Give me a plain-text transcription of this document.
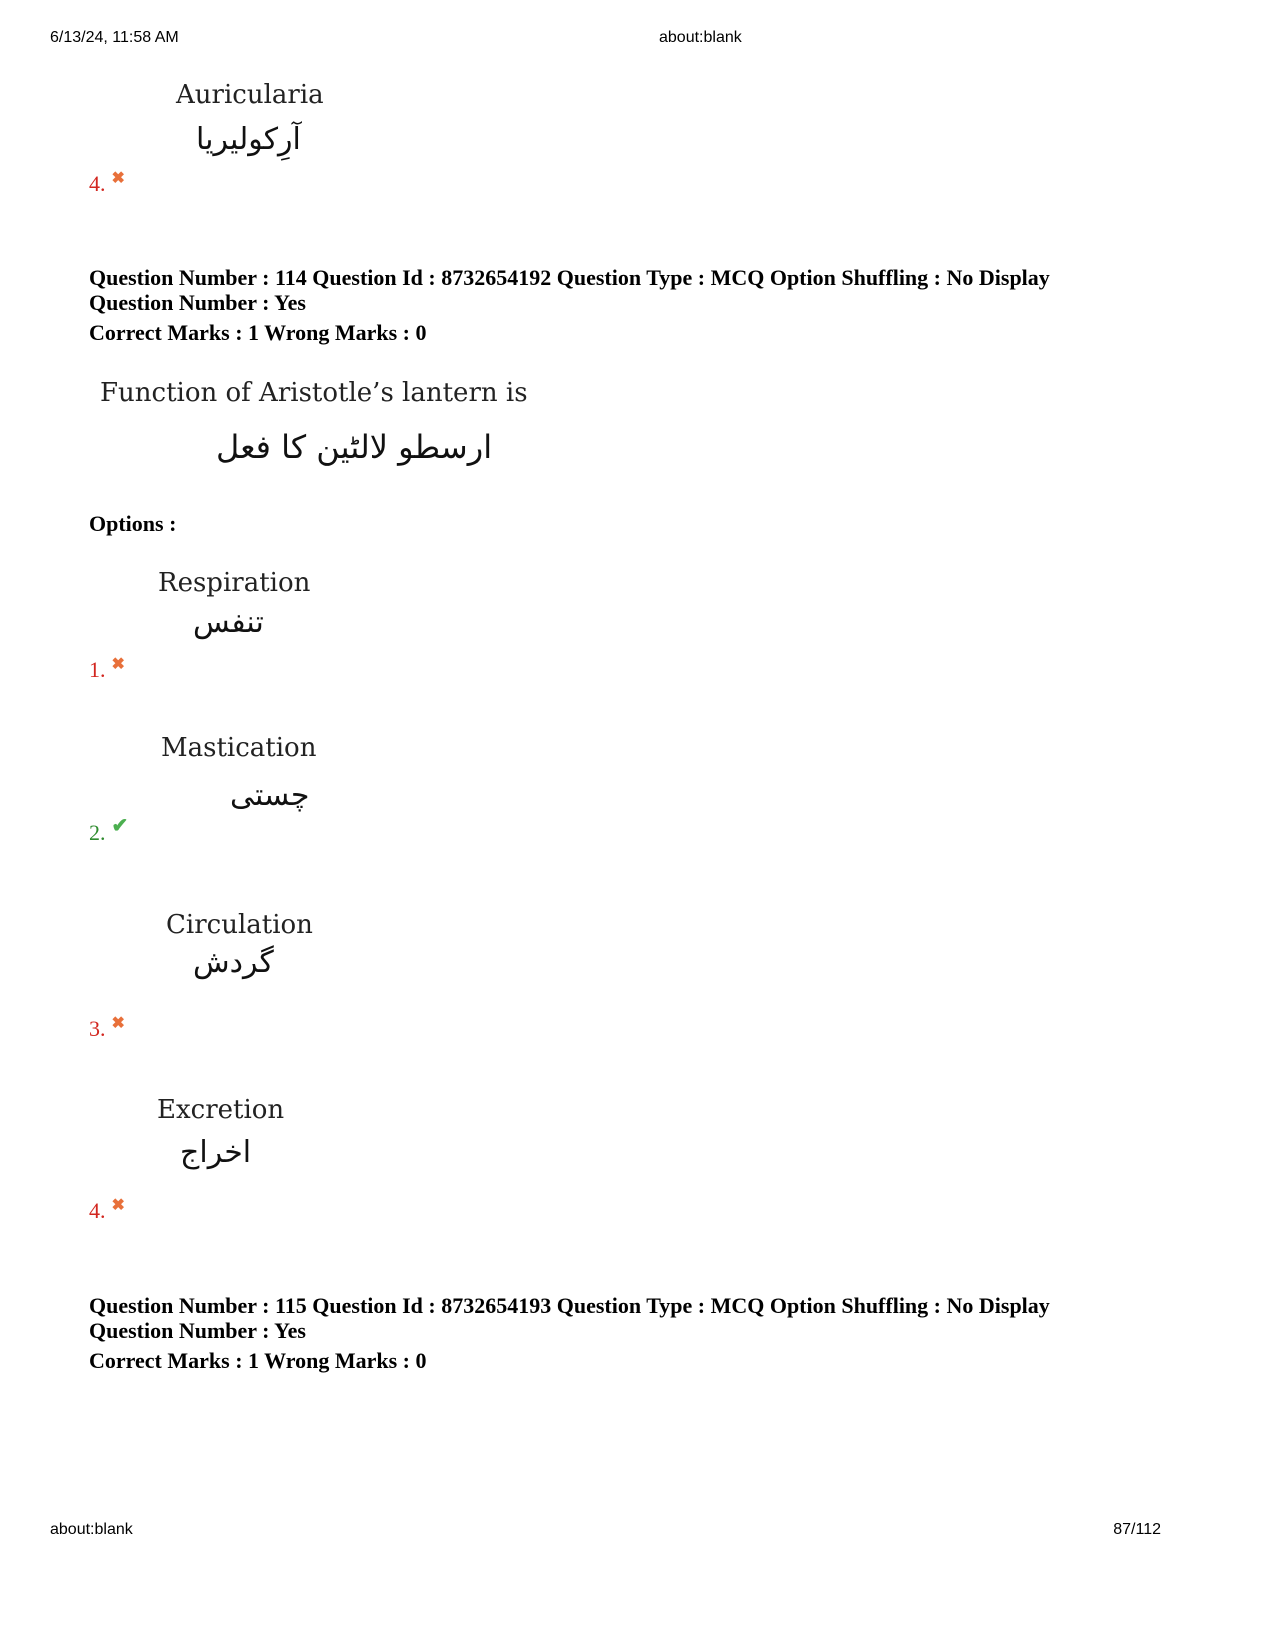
6/13/24, 11:58 AM	about:blank
Auricularia
آرِکولیریا
4. ✖
Question Number : 114 Question Id : 8732654192 Question Type : MCQ Option Shuffling : No Display
Question Number : Yes
Correct Marks : 1 Wrong Marks : 0
Function of Aristotle’s lantern is
ارسطو لالٹین کا فعل
Options :
Respiration
تنفس
1. ✖
Mastication
چستی
2. ✔
Circulation
گردش
3. ✖
Excretion
اخراج
4. ✖
Question Number : 115 Question Id : 8732654193 Question Type : MCQ Option Shuffling : No Display
Question Number : Yes
Correct Marks : 1 Wrong Marks : 0
about:blank	87/112
